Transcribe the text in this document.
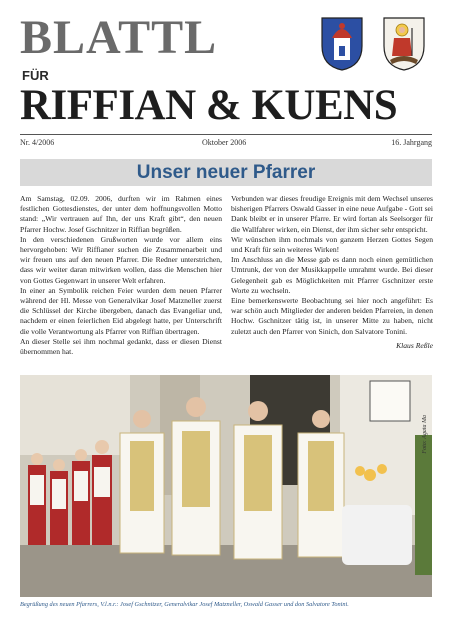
BLATTL
FÜR
RIFFIAN & KUENS
Nr. 4/2006	Oktober 2006	16. Jahrgang
Unser neuer Pfarrer

Am Samstag, 02.09. 2006, durften wir im Rahmen eines festlichen Gottesdienstes, der unter dem hoffnungsvollen Motto stand: „Wir vertrauen auf Ihn, der uns Kraft gibt“, den neuen Pfarrer Hochw. Josef Gschnitzer in Riffian begrüßen.

In den verschiedenen Grußworten wurde vor allem eins hervorgehoben: Wir Riffianer suchen die Zusammenarbeit und wir freuen uns auf den neuen Pfarrer. Die Redner unterstrichen, dass wir weiter daran mitwirken wollen, dass die Menschen hier von Gottes Gegenwart in unserer Welt erfahren.

In einer an Symbolik reichen Feier wurden dem neuen Pfarrer während der Hl. Messe von Generalvikar Josef Matzneller zuerst die Schlüssel der Kirche übergeben, danach das Evangeliar und, nachdem er einen feierlichen Eid abgelegt hatte, per Unterschrift die volle Verantwortung als Pfarrer von Riffian übertragen.

An dieser Stelle sei ihm nochmal gedankt, dass er diesen Dienst übernommen hat.

Verbunden war dieses freudige Ereignis mit dem Wechsel unseres bisherigen Pfarrers Oswald Gasser in eine neue Aufgabe - Gott sei Dank bleibt er in unserer Pfarre. Er wird fortan als Seelsorger für die Wallfahrer wirken, ein Dienst, der ihm sicher sehr entspricht.

Wir wünschen ihm nochmals von ganzem Herzen Gottes Segen und Kraft für sein weiteres Wirken!

Im Anschluss an die Messe gab es dann noch einen gemütlichen Umtrunk, der von der Musikkappelle umrahmt wurde. Bei dieser Gelegenheit gab es Möglichkeiten mit Pfarrer Gschnitzer erste Worte zu wechseln.

Eine bemerkenswerte Beobachtung sei hier noch angeführt: Es war schön auch Mitglieder der anderen beiden Pfarreien, in denen Hochw. Gschnitzer tätig ist, in unserer Mitte zu haben, nicht zuletzt auch den Pfarrer von Sinich, don Salvatore Tonini.

Klaus Reßle

Foto: Agata Ma
Begrüßung des neuen Pfarrers, V.l.n.r.: Josef Gschnitzer, Generalvikar Josef Matzneller, Oswald Gasser und don Salvatore Tonini.
